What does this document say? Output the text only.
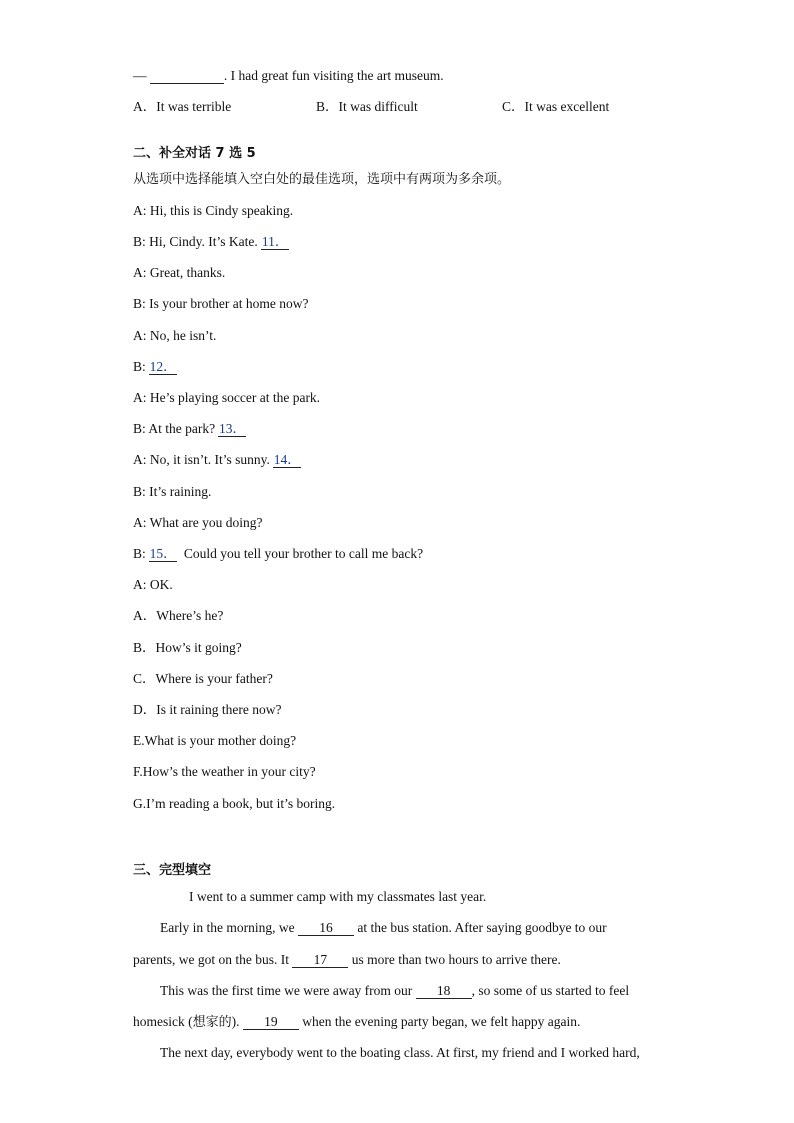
—	. I had great fun visiting the art museum.
A．It was terrible	B．It was difficult	C．It was excellent
二、补全对话 7 选 5
从选项中选择能填入空白处的最佳选项，选项中有两项为多余项。
A: Hi, this is Cindy speaking.
B: Hi, Cindy. It’s Kate. 11．
A: Great, thanks.
B: Is your brother at home now?
A: No, he isn’t.
B: 12．
A: He’s playing soccer at the park.
B: At the park? 13．
A: No, it isn’t. It’s sunny. 14．
B: It’s raining.
A: What are you doing?
B: 15．  Could you tell your brother to call me back?
A: OK.
A．Where’s he?
B．How’s it going?
C．Where is your father?
D．Is it raining there now?
E.What is your mother doing?
F.How’s the weather in your city?
G.I’m reading a book, but it’s boring.
三、完型填空
I went to a summer camp with my classmates last year.
Early in the morning, we 16 at the bus station. After saying goodbye to our
parents, we got on the bus. It 17 us more than two hours to arrive there.
This was the first time we were away from our 18 , so some of us started to feel
homesick (想家的). 19 when the evening party began, we felt happy again.
The next day, everybody went to the boating class. At first, my friend and I worked hard,
